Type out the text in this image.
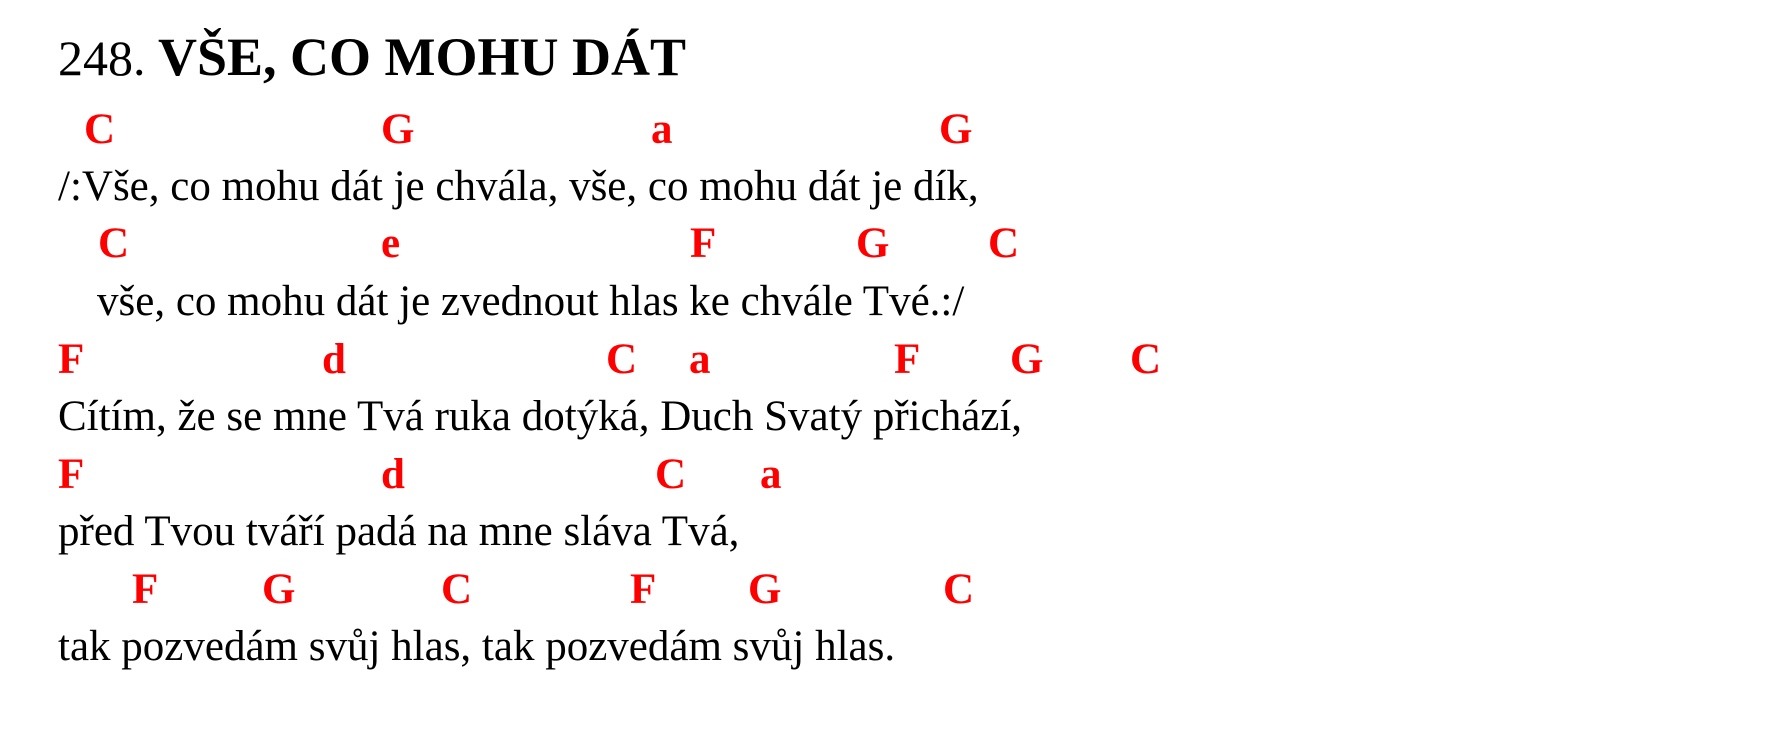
248. VŠE, CO MOHU DÁT
C	G	a	G
/:Vše, co mohu dát je chvála, vše, co mohu dát je dík,
C	e	F	G C
vše, co mohu dát je zvednout hlas ke chvále Tvé.:/
F	d	C a	F G C
Cítím, že se mne Tvá ruka dotýká, Duch Svatý přichází,
F	d	C a
před Tvou tváří padá na mne sláva Tvá,
F G	C	F G	C
tak pozvedám svůj hlas, tak pozvedám svůj hlas.
